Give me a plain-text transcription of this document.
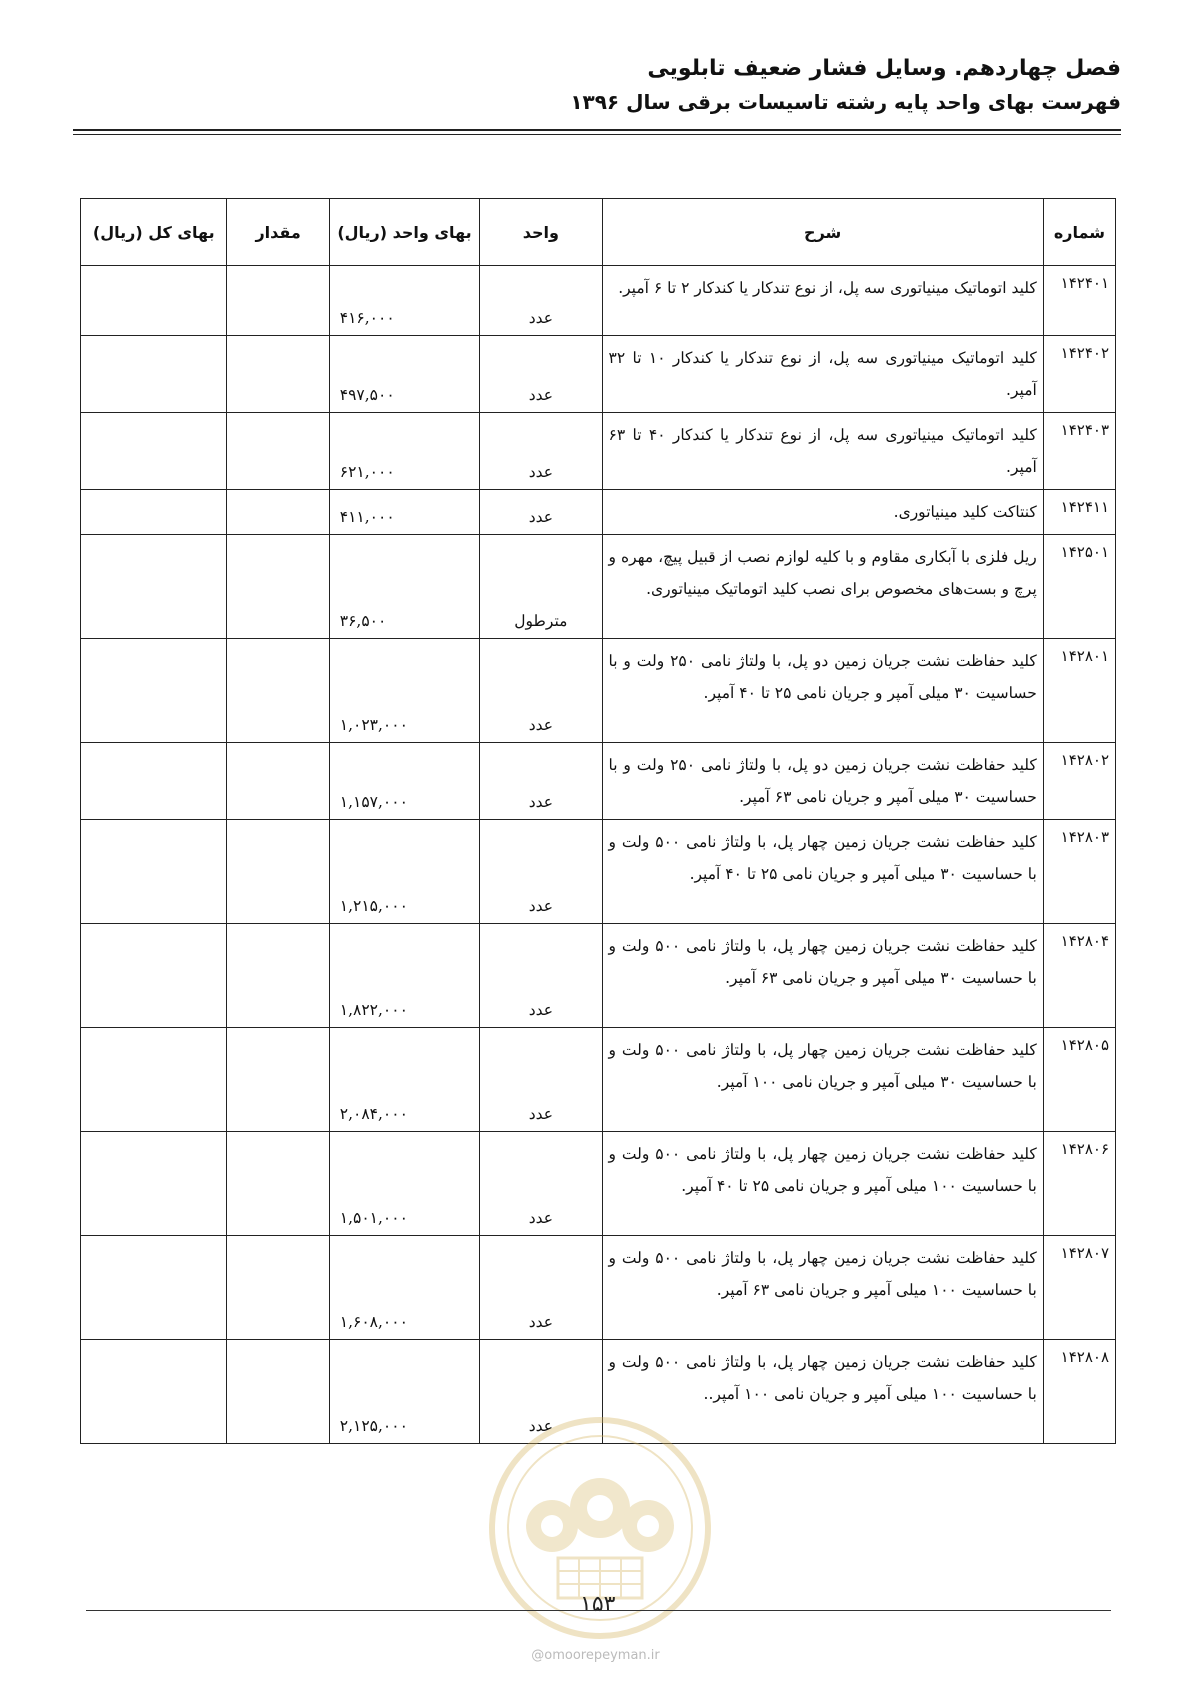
فصل چهاردهم. وسایل فشار ضعیف تابلویی
فهرست بهای واحد پایه رشته تاسیسات برقی سال ۱۳۹۶
شماره	شرح	واحد	بهای واحد (ریال)	مقدار	بهای کل (ریال)
۱۴۲۴۰۱	کلید اتوماتیک مینیاتوری سه پل، از نوع تندکار یا کندکار ۲ تا ۶ آمپر.	عدد	۴۱۶,۰۰۰		
۱۴۲۴۰۲	کلید اتوماتیک مینیاتوری سه پل، از نوع تندکار یا کندکار ۱۰ تا ۳۲ آمپر.	عدد	۴۹۷,۵۰۰		
۱۴۲۴۰۳	کلید اتوماتیک مینیاتوری سه پل، از نوع تندکار یا کندکار ۴۰ تا ۶۳ آمپر.	عدد	۶۲۱,۰۰۰		
۱۴۲۴۱۱	کنتاکت کلید مینیاتوری.	عدد	۴۱۱,۰۰۰		
۱۴۲۵۰۱	ریل فلزی با آبکاری مقاوم و با کلیه لوازم نصب از قبیل پیچ، مهره و پرچ و بست‌های مخصوص برای نصب کلید اتوماتیک مینیاتوری.	مترطول	۳۶,۵۰۰		
۱۴۲۸۰۱	کلید حفاظت نشت جریان زمین دو پل، با ولتاژ نامی ۲۵۰ ولت و با حساسیت ۳۰ میلی آمپر و جریان نامی ۲۵ تا ۴۰ آمپر.	عدد	۱,۰۲۳,۰۰۰		
۱۴۲۸۰۲	کلید حفاظت نشت جریان زمین دو پل، با ولتاژ نامی ۲۵۰ ولت و با حساسیت ۳۰ میلی آمپر و جریان نامی ۶۳ آمپر.	عدد	۱,۱۵۷,۰۰۰		
۱۴۲۸۰۳	کلید حفاظت نشت جریان زمین چهار پل، با ولتاژ نامی ۵۰۰ ولت و با حساسیت ۳۰ میلی آمپر و جریان نامی ۲۵ تا ۴۰ آمپر.	عدد	۱,۲۱۵,۰۰۰		
۱۴۲۸۰۴	کلید حفاظت نشت جریان زمین چهار پل، با ولتاژ نامی ۵۰۰ ولت و با حساسیت ۳۰ میلی آمپر و جریان نامی ۶۳ آمپر.	عدد	۱,۸۲۲,۰۰۰		
۱۴۲۸۰۵	کلید حفاظت نشت جریان زمین چهار پل، با ولتاژ نامی ۵۰۰ ولت و با حساسیت ۳۰ میلی آمپر و جریان نامی ۱۰۰ آمپر.	عدد	۲,۰۸۴,۰۰۰		
۱۴۲۸۰۶	کلید حفاظت نشت جریان زمین چهار پل، با ولتاژ نامی ۵۰۰ ولت و با حساسیت ۱۰۰ میلی آمپر و جریان نامی ۲۵ تا ۴۰ آمپر.	عدد	۱,۵۰۱,۰۰۰		
۱۴۲۸۰۷	کلید حفاظت نشت جریان زمین چهار پل، با ولتاژ نامی ۵۰۰ ولت و با حساسیت ۱۰۰ میلی آمپر و جریان نامی ۶۳ آمپر.	عدد	۱,۶۰۸,۰۰۰		
۱۴۲۸۰۸	کلید حفاظت نشت جریان زمین چهار پل، با ولتاژ نامی ۵۰۰ ولت و با حساسیت ۱۰۰ میلی آمپر و جریان نامی ۱۰۰ آمپر..	عدد	۲,۱۲۵,۰۰۰		
۱۵۳
@omoorepeyman.ir
